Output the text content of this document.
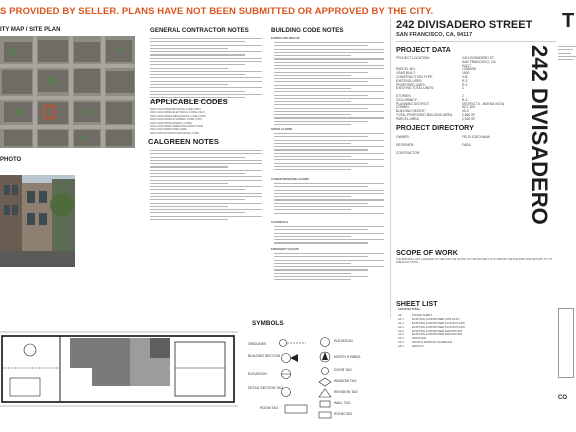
S PROVIDED BY SELLER. PLANS HAVE NOT BEEN SUBMITTED OR APPROVED BY THE CITY.
ITY MAP / SITE PLAN
PHOTO
GENERAL CONTRACTOR NOTES
APPLICABLE CODES
2016 CALIFORNIA BUILDING CODE (CBC)
2016 CALIFORNIA ELECTRICAL CODE (CEC)
2016 CALIFORNIA MECHANICAL CODE (CMC)
2016 CALIFORNIA PLUMBING CODE (CPC)
2016 CALIFORNIA ENERGY CODE
2016 CALIFORNIA GREEN BUILDING CODE
2016 CALIFORNIA FIRE CODE
2016 SAN FRANCISCO BUILDING CODE
CALGREEN NOTES
BUILDING CODE NOTES
EGRESS AND RESCUE
SMOKE ALARMS
CARBON MONOXIDE ALARMS
GUARDRAILS
EMERGENCY ESCAPE
242 DIVISADERO STREET
SAN FRANCISCO, CA, 94117
PROJECT DATA
PROJECT LOCATION:	242 DIVISADERO ST.
SAN FRANCISCO, CA
94117
PARCEL NO.:	1238/008
YEAR BUILT:	1900
CONSTRUCTION TYPE:	V-B
EXISTING USES:	R-3
PROPOSED USES:	R-3
EXISTING TOTAL UNITS:	1
STORIES:	2
OCCUPANCY:	R-3
PLANNING DISTRICT:	DISTRICT 6 - BUENA VISTA
ZONING:	NCT-DIV
BUILDING HEIGHT:	40-X
TOTAL PROPOSED BUILDING AREA:	2,860 SF
PARCEL AREA:	2,500 SF
PROJECT DIRECTORY
OWNER:	FELIX EJECHANA
DESIGNER:	FADA
CONTRACTOR:
SCOPE OF WORK
THE BUILDING HAS CHANGED OF USE AND THE SCOPE OF THE PROJECT IS TO REPAIR THE BUILDING AND RETURN TO ITS PREVIOUS STATE.
SHEET LIST
ARCHITECTURAL
A0	COVER SHEET
A1.1	EXISTING & PROPOSED SITE PLAN
A1.2	EXISTING & PROPOSED FLOOR PLANS
A2.1	EXISTING & PROPOSED FLOOR PLANS
A2.2	EXISTING & PROPOSED ELEVATIONS
A3.1	EXISTING & PROPOSED ELEVATIONS
A4.1	SECTIONS
A5.1	DOOR & WINDOW SCHEDULE
A6.1	DETAILS
T
CO
242 DIVISADERO
SYMBOLS
GRIDLINES
BUILDING SECTION
ELEVATION
DETAIL SECTION TAG
ROOM TAG
ELEVATION
NORTH SYMBOL
DOOR TAG
WINDOW TAG
REVISION TAG
WALL TAG
ROOM TAG
